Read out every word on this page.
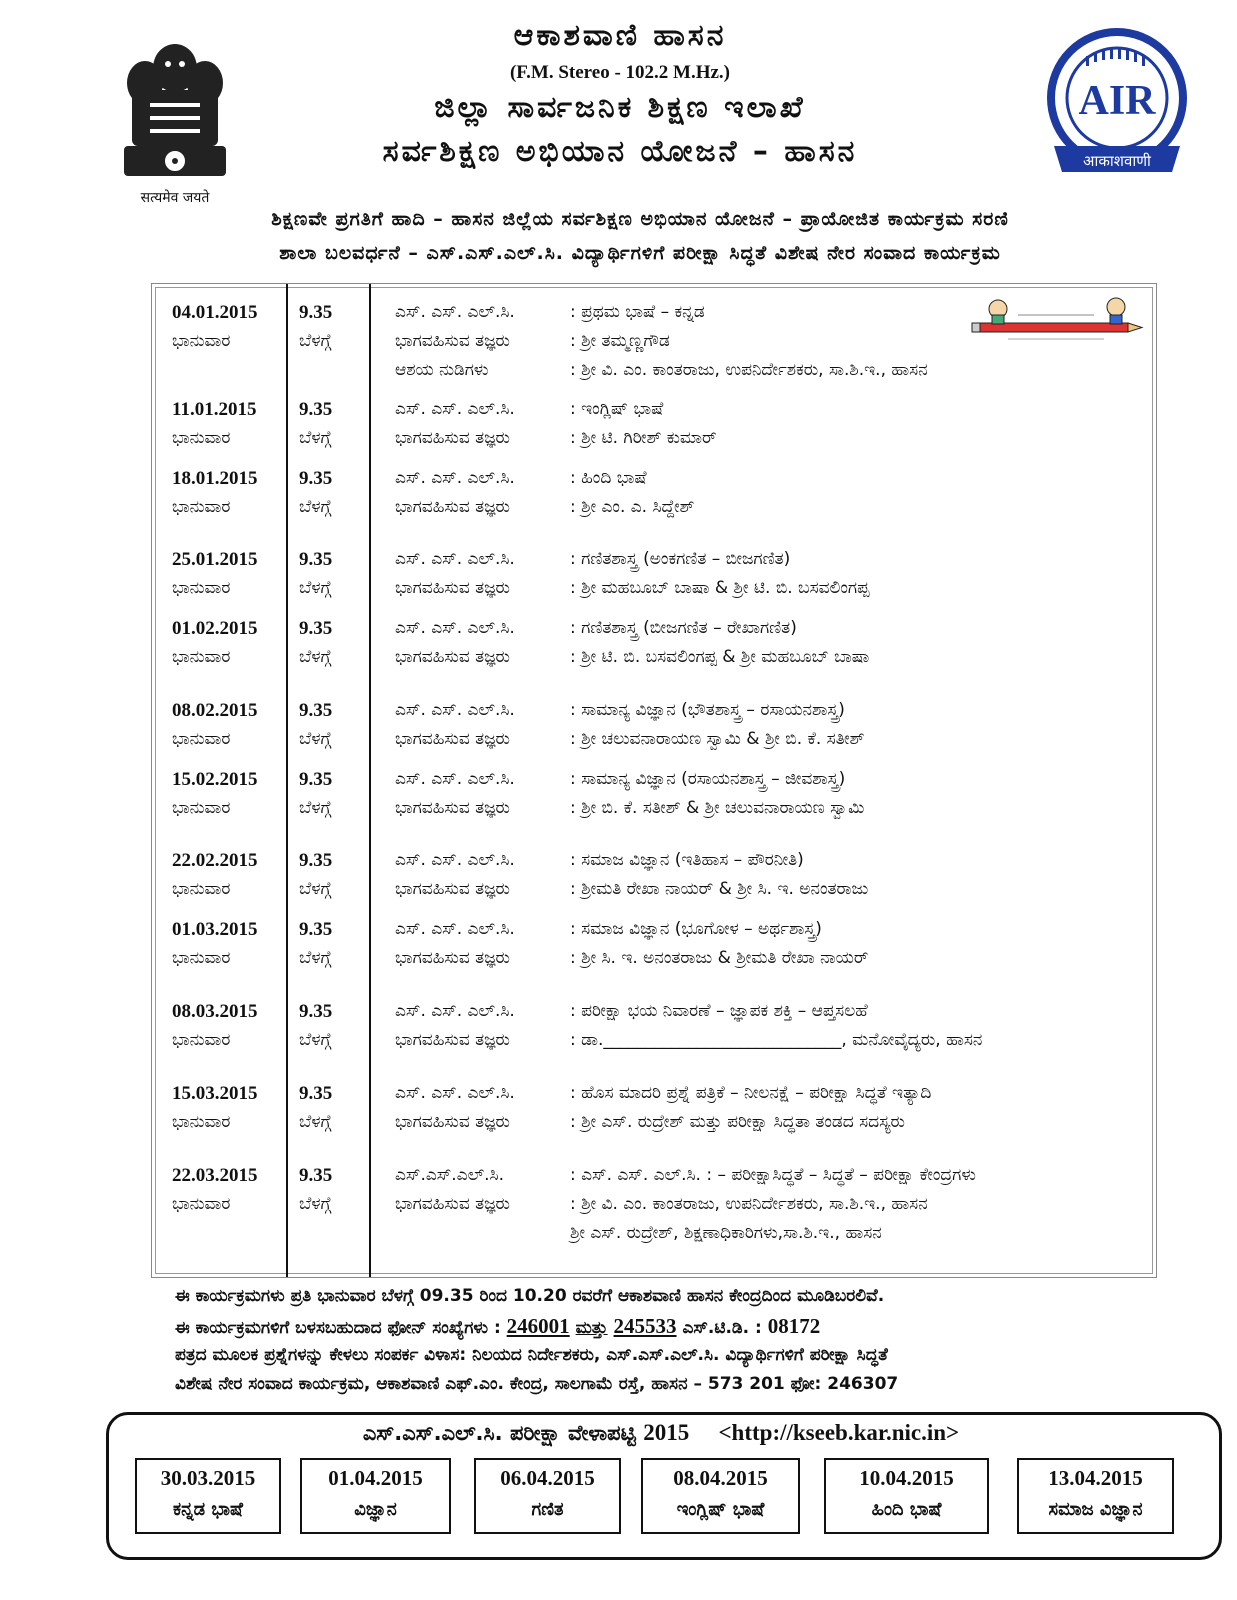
सत्यमेव जयते
AIR
आकाशवाणी
ಆಕಾಶವಾಣಿ ಹಾಸನ
(F.M. Stereo - 102.2 M.Hz.)
ಜಿಲ್ಲಾ ಸಾರ್ವಜನಿಕ ಶಿಕ್ಷಣ ಇಲಾಖೆ
ಸರ್ವಶಿಕ್ಷಣ ಅಭಿಯಾನ ಯೋಜನೆ – ಹಾಸನ
ಶಿಕ್ಷಣವೇ ಪ್ರಗತಿಗೆ ಹಾದಿ – ಹಾಸನ ಜಿಲ್ಲೆಯ ಸರ್ವಶಿಕ್ಷಣ ಅಭಿಯಾನ ಯೋಜನೆ – ಪ್ರಾಯೋಜಿತ ಕಾರ್ಯಕ್ರಮ ಸರಣಿ
ಶಾಲಾ ಬಲವರ್ಧನೆ – ಎಸ್.ಎಸ್.ಎಲ್.ಸಿ. ವಿದ್ಯಾರ್ಥಿಗಳಿಗೆ ಪರೀಕ್ಷಾ ಸಿದ್ಧತೆ ವಿಶೇಷ ನೇರ ಸಂವಾದ ಕಾರ್ಯಕ್ರಮ
04.01.2015
ಭಾನುವಾರ
9.35
ಬೆಳಗ್ಗೆ
ಎಸ್. ಎಸ್. ಎಲ್.ಸಿ.	: ಪ್ರಥಮ ಭಾಷೆ – ಕನ್ನಡ
ಭಾಗವಹಿಸುವ ತಜ್ಞರು	: ಶ್ರೀ ತಮ್ಮಣ್ಣಗೌಡ
ಆಶಯ ನುಡಿಗಳು	: ಶ್ರೀ ವಿ. ಎಂ. ಕಾಂತರಾಜು, ಉಪನಿರ್ದೇಶಕರು, ಸಾ.ಶಿ.ಇ., ಹಾಸನ
11.01.2015
ಭಾನುವಾರ
9.35
ಬೆಳಗ್ಗೆ
ಎಸ್. ಎಸ್. ಎಲ್.ಸಿ.	: ಇಂಗ್ಲಿಷ್ ಭಾಷೆ
ಭಾಗವಹಿಸುವ ತಜ್ಞರು	: ಶ್ರೀ ಟಿ. ಗಿರೀಶ್ ಕುಮಾರ್
18.01.2015
ಭಾನುವಾರ
9.35
ಬೆಳಗ್ಗೆ
ಎಸ್. ಎಸ್. ಎಲ್.ಸಿ.	: ಹಿಂದಿ ಭಾಷೆ
ಭಾಗವಹಿಸುವ ತಜ್ಞರು	: ಶ್ರೀ ಎಂ. ಎ. ಸಿದ್ದೇಶ್
25.01.2015
ಭಾನುವಾರ
9.35
ಬೆಳಗ್ಗೆ
ಎಸ್. ಎಸ್. ಎಲ್.ಸಿ.	: ಗಣಿತಶಾಸ್ತ್ರ (ಅಂಕಗಣಿತ – ಬೀಜಗಣಿತ)
ಭಾಗವಹಿಸುವ ತಜ್ಞರು	: ಶ್ರೀ ಮಹಬೂಬ್ ಬಾಷಾ & ಶ್ರೀ ಟಿ. ಬಿ. ಬಸವಲಿಂಗಪ್ಪ
01.02.2015
ಭಾನುವಾರ
9.35
ಬೆಳಗ್ಗೆ
ಎಸ್. ಎಸ್. ಎಲ್.ಸಿ.	: ಗಣಿತಶಾಸ್ತ್ರ (ಬೀಜಗಣಿತ – ರೇಖಾಗಣಿತ)
ಭಾಗವಹಿಸುವ ತಜ್ಞರು	: ಶ್ರೀ ಟಿ. ಬಿ. ಬಸವಲಿಂಗಪ್ಪ & ಶ್ರೀ ಮಹಬೂಬ್ ಬಾಷಾ
08.02.2015
ಭಾನುವಾರ
9.35
ಬೆಳಗ್ಗೆ
ಎಸ್. ಎಸ್. ಎಲ್.ಸಿ.	: ಸಾಮಾನ್ಯ ವಿಜ್ಞಾನ (ಭೌತಶಾಸ್ತ್ರ – ರಸಾಯನಶಾಸ್ತ್ರ)
ಭಾಗವಹಿಸುವ ತಜ್ಞರು	: ಶ್ರೀ ಚಲುವನಾರಾಯಣ ಸ್ವಾಮಿ & ಶ್ರೀ ಬಿ. ಕೆ. ಸತೀಶ್
15.02.2015
ಭಾನುವಾರ
9.35
ಬೆಳಗ್ಗೆ
ಎಸ್. ಎಸ್. ಎಲ್.ಸಿ.	: ಸಾಮಾನ್ಯ ವಿಜ್ಞಾನ (ರಸಾಯನಶಾಸ್ತ್ರ – ಜೀವಶಾಸ್ತ್ರ)
ಭಾಗವಹಿಸುವ ತಜ್ಞರು	: ಶ್ರೀ ಬಿ. ಕೆ. ಸತೀಶ್ & ಶ್ರೀ ಚಲುವನಾರಾಯಣ ಸ್ವಾಮಿ
22.02.2015
ಭಾನುವಾರ
9.35
ಬೆಳಗ್ಗೆ
ಎಸ್. ಎಸ್. ಎಲ್.ಸಿ.	: ಸಮಾಜ ವಿಜ್ಞಾನ (ಇತಿಹಾಸ – ಪೌರನೀತಿ)
ಭಾಗವಹಿಸುವ ತಜ್ಞರು	: ಶ್ರೀಮತಿ ರೇಖಾ ನಾಯರ್ & ಶ್ರೀ ಸಿ. ಇ. ಅನಂತರಾಜು
01.03.2015
ಭಾನುವಾರ
9.35
ಬೆಳಗ್ಗೆ
ಎಸ್. ಎಸ್. ಎಲ್.ಸಿ.	: ಸಮಾಜ ವಿಜ್ಞಾನ (ಭೂಗೋಳ – ಅರ್ಥಶಾಸ್ತ್ರ)
ಭಾಗವಹಿಸುವ ತಜ್ಞರು	: ಶ್ರೀ ಸಿ. ಇ. ಅನಂತರಾಜು & ಶ್ರೀಮತಿ ರೇಖಾ ನಾಯರ್
08.03.2015
ಭಾನುವಾರ
9.35
ಬೆಳಗ್ಗೆ
ಎಸ್. ಎಸ್. ಎಲ್.ಸಿ.	: ಪರೀಕ್ಷಾ ಭಯ ನಿವಾರಣೆ – ಜ್ಞಾಪಕ ಶಕ್ತಿ – ಆಪ್ತಸಲಹೆ
ಭಾಗವಹಿಸುವ ತಜ್ಞರು	: ಡಾ.____________________________, ಮನೋವೈದ್ಯರು, ಹಾಸನ
15.03.2015
ಭಾನುವಾರ
9.35
ಬೆಳಗ್ಗೆ
ಎಸ್. ಎಸ್. ಎಲ್.ಸಿ.	: ಹೊಸ ಮಾದರಿ ಪ್ರಶ್ನೆ ಪತ್ರಿಕೆ – ನೀಲನಕ್ಷೆ – ಪರೀಕ್ಷಾ ಸಿದ್ಧತೆ ಇತ್ಯಾದಿ
ಭಾಗವಹಿಸುವ ತಜ್ಞರು	: ಶ್ರೀ ಎಸ್. ರುದ್ರೇಶ್ ಮತ್ತು ಪರೀಕ್ಷಾ ಸಿದ್ಧತಾ ತಂಡದ ಸದಸ್ಯರು
22.03.2015
ಭಾನುವಾರ
9.35
ಬೆಳಗ್ಗೆ
ಎಸ್.ಎಸ್.ಎಲ್.ಸಿ.	: ಎಸ್. ಎಸ್. ಎಲ್.ಸಿ. : – ಪರೀಕ್ಷಾಸಿದ್ಧತೆ – ಸಿದ್ಧತೆ – ಪರೀಕ್ಷಾ ಕೇಂದ್ರಗಳು
ಭಾಗವಹಿಸುವ ತಜ್ಞರು	: ಶ್ರೀ ವಿ. ಎಂ. ಕಾಂತರಾಜು, ಉಪನಿರ್ದೇಶಕರು, ಸಾ.ಶಿ.ಇ., ಹಾಸನ
ಶ್ರೀ ಎಸ್. ರುದ್ರೇಶ್, ಶಿಕ್ಷಣಾಧಿಕಾರಿಗಳು,ಸಾ.ಶಿ.ಇ., ಹಾಸನ
ಈ ಕಾರ್ಯಕ್ರಮಗಳು ಪ್ರತಿ ಭಾನುವಾರ ಬೆಳಗ್ಗೆ 09.35 ರಿಂದ 10.20 ರವರೆಗೆ ಆಕಾಶವಾಣಿ ಹಾಸನ ಕೇಂದ್ರದಿಂದ ಮೂಡಿಬರಲಿವೆ.
ಈ ಕಾರ್ಯಕ್ರಮಗಳಿಗೆ ಬಳಸಬಹುದಾದ ಫೋನ್ ಸಂಖ್ಯೆಗಳು : 246001 ಮತ್ತು 245533 ಎಸ್.ಟಿ.ಡಿ. : 08172
ಪತ್ರದ ಮೂಲಕ ಪ್ರಶ್ನೆಗಳನ್ನು ಕೇಳಲು ಸಂಪರ್ಕ ವಿಳಾಸ: ನಿಲಯದ ನಿರ್ದೇಶಕರು, ಎಸ್.ಎಸ್.ಎಲ್.ಸಿ. ವಿದ್ಯಾರ್ಥಿಗಳಿಗೆ ಪರೀಕ್ಷಾ ಸಿದ್ಧತೆ
ವಿಶೇಷ ನೇರ ಸಂವಾದ ಕಾರ್ಯಕ್ರಮ, ಆಕಾಶವಾಣಿ ಎಫ್.ಎಂ. ಕೇಂದ್ರ, ಸಾಲಗಾಮೆ ರಸ್ತೆ, ಹಾಸನ – 573 201 ಫೋ: 246307
ಎಸ್.ಎಸ್.ಎಲ್.ಸಿ. ಪರೀಕ್ಷಾ ವೇಳಾಪಟ್ಟಿ 2015 <http://kseeb.kar.nic.in>
30.03.2015
ಕನ್ನಡ ಭಾಷೆ
01.04.2015
ವಿಜ್ಞಾನ
06.04.2015
ಗಣಿತ
08.04.2015
ಇಂಗ್ಲಿಷ್ ಭಾಷೆ
10.04.2015
ಹಿಂದಿ ಭಾಷೆ
13.04.2015
ಸಮಾಜ ವಿಜ್ಞಾನ
